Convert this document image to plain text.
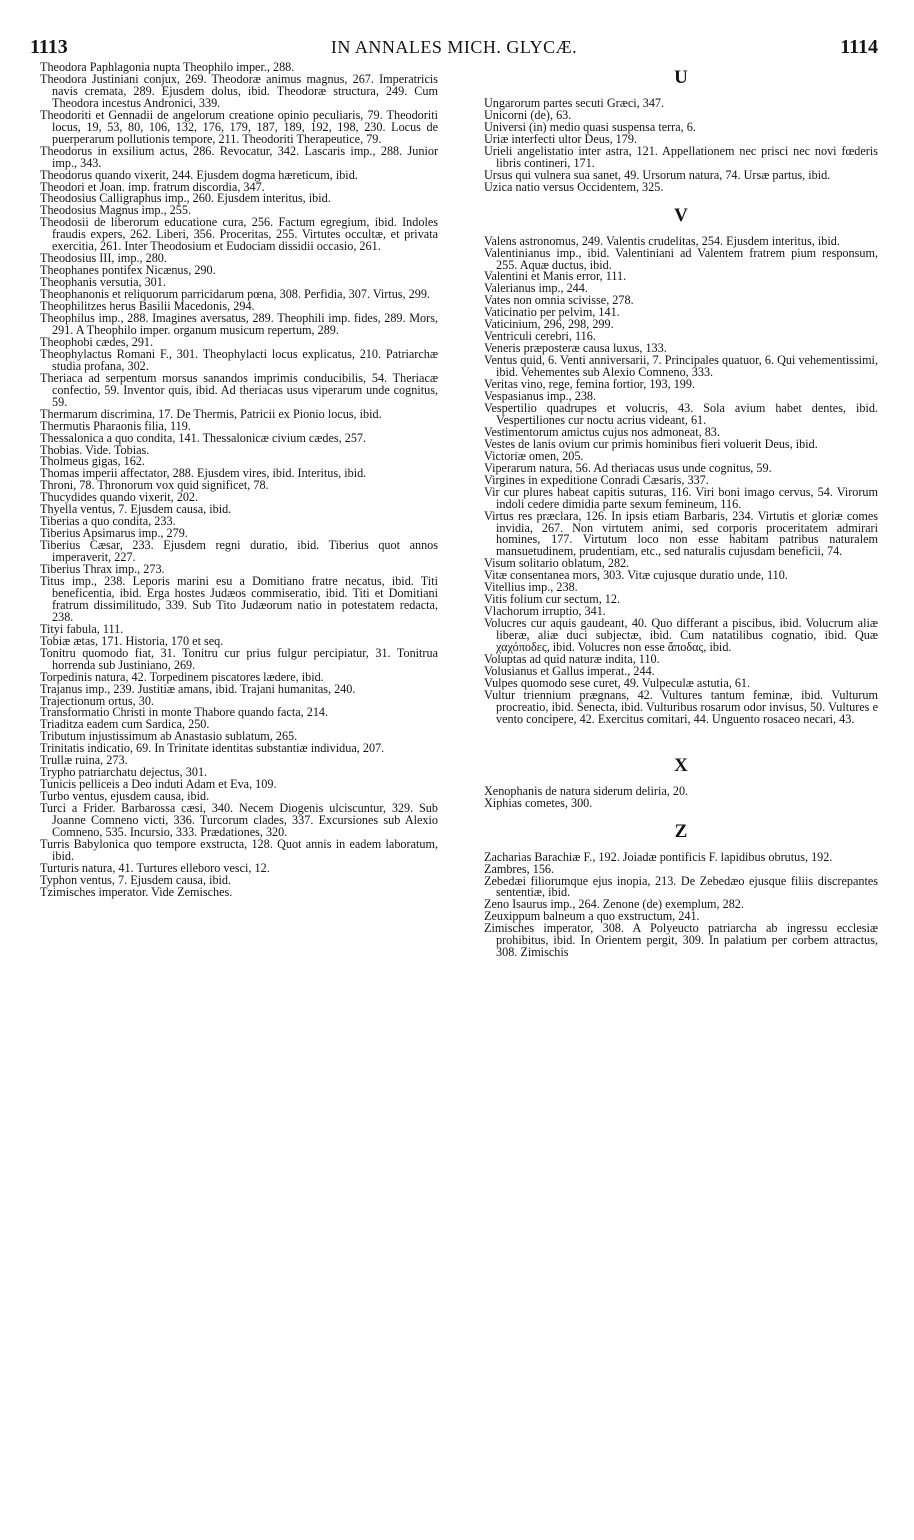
1113	IN ANNALES MICH. GLYCÆ.	1114

Theodora Paphlagonia nupta Theophilo imper., 288.

Theodora Justiniani conjux, 269. Theodoræ animus magnus, 267. Imperatricis navis cremata, 289. Ejusdem dolus, ibid. Theodoræ structura, 249. Cum Theodora incestus Andronici, 339.

Theodoriti et Gennadii de angelorum creatione opinio peculiaris, 79. Theodoriti locus, 19, 53, 80, 106, 132, 176, 179, 187, 189, 192, 198, 230. Locus de puerperarum pollutionis tempore, 211. Theodoriti Therapeutice, 79.

Theodorus in exsilium actus, 286. Revocatur, 342. Lascaris imp., 288. Junior imp., 343.

Theodorus quando vixerit, 244. Ejusdem dogma hæreticum, ibid.

Theodori et Joan. imp. fratrum discordia, 347.

Theodosius Calligraphus imp., 260. Ejusdem interitus, ibid.

Theodosius Magnus imp., 255.

Theodosii de liberorum educatione cura, 256. Factum egregium, ibid. Indoles fraudis expers, 262. Liberi, 356. Proceritas, 255. Virtutes occultæ, et privata exercitia, 261. Inter Theodosium et Eudociam dissidii occasio, 261.

Theodosius III, imp., 280.

Theophanes pontifex Nicænus, 290.

Theophanis versutia, 301.

Theophanonis et reliquorum parricidarum pœna, 308. Perfidia, 307. Virtus, 299.

Theophilitzes herus Basilii Macedonis, 294.

Theophilus imp., 288. Imagines aversatus, 289. Theophili imp. fides, 289. Mors, 291. A Theophilo imper. organum musicum repertum, 289.

Theophobi cædes, 291.

Theophylactus Romani F., 301. Theophylacti locus explicatus, 210. Patriarchæ studia profana, 302.

Theriaca ad serpentum morsus sanandos imprimis conducibilis, 54. Theriacæ confectio, 59. Inventor quis, ibid. Ad theriacas usus viperarum unde cognitus, 59.

Thermarum discrimina, 17. De Thermis, Patricii ex Pionio locus, ibid.

Thermutis Pharaonis filia, 119.

Thessalonica a quo condita, 141. Thessalonicæ civium cædes, 257.

Thobias. Vide. Tobias.

Tholmeus gigas, 162.

Thomas imperii affectator, 288. Ejusdem vires, ibid. Interitus, ibid.

Throni, 78. Thronorum vox quid significet, 78.

Thucydides quando vixerit, 202.

Thyella ventus, 7. Ejusdem causa, ibid.

Tiberias a quo condita, 233.

Tiberius Apsimarus imp., 279.

Tiberius Cæsar, 233. Ejusdem regni duratio, ibid. Tiberius quot annos imperaverit, 227.

Tiberius Thrax imp., 273.

Titus imp., 238. Leporis marini esu a Domitiano fratre necatus, ibid. Titi beneficentia, ibid. Erga hostes Judæos commiseratio, ibid. Titi et Domitiani fratrum dissimilitudo, 339. Sub Tito Judæorum natio in potestatem redacta, 238.

Tityi fabula, 111.

Tobiæ ætas, 171. Historia, 170 et seq.

Tonitru quomodo fiat, 31. Tonitru cur prius fulgur percipiatur, 31. Tonitrua horrenda sub Justiniano, 269.

Torpedinis natura, 42. Torpedinem piscatores lædere, ibid.

Trajanus imp., 239. Justitiæ amans, ibid. Trajani humanitas, 240.

Trajectionum ortus, 30.

Transformatio Christi in monte Thabore quando facta, 214.

Triaditza eadem cum Sardica, 250.

Tributum injustissimum ab Anastasio sublatum, 265.

Trinitatis indicatio, 69. In Trinitate identitas substantiæ individua, 207.

Trullæ ruina, 273.

Trypho patriarchatu dejectus, 301.

Tunicis pelliceis a Deo induti Adam et Eva, 109.

Turbo ventus, ejusdem causa, ibid.

Turci a Frider. Barbarossa cæsi, 340. Necem Diogenis ulciscuntur, 329. Sub Joanne Comneno victi, 336. Turcorum clades, 337. Excursiones sub Alexio Comneno, 535. Incursio, 333. Prædationes, 320.

Turris Babylonica quo tempore exstructa, 128. Quot annis in eadem laboratum, ibid.

Turturis natura, 41. Turtures elleboro vesci, 12.

Typhon ventus, 7. Ejusdem causa, ibid.

Tzimisches imperator. Vide Zemisches.

U

Ungarorum partes secuti Græci, 347.

Unicorni (de), 63.

Universi (in) medio quasi suspensa terra, 6.

Uriæ interfecti ultor Deus, 179.

Urieli angelistatio inter astra, 121. Appellationem nec prisci nec novi fœderis libris contineri, 171.

Ursus qui vulnera sua sanet, 49. Ursorum natura, 74. Ursæ partus, ibid.

Uzica natio versus Occidentem, 325.

V

Valens astronomus, 249. Valentis crudelitas, 254. Ejusdem interitus, ibid.

Valentinianus imp., ibid. Valentiniani ad Valentem fratrem pium responsum, 255. Aquæ ductus, ibid.

Valentini et Manis error, 111.

Valerianus imp., 244.

Vates non omnia scivisse, 278.

Vaticinatio per pelvim, 141.

Vaticinium, 296, 298, 299.

Ventriculi cerebri, 116.

Veneris præposteræ causa luxus, 133.

Ventus quid, 6. Venti anniversarii, 7. Principales quatuor, 6. Qui vehementissimi, ibid. Vehementes sub Alexio Comneno, 333.

Veritas vino, rege, femina fortior, 193, 199.

Vespasianus imp., 238.

Vespertilio quadrupes et volucris, 43. Sola avium habet dentes, ibid. Vespertiliones cur noctu acrius videant, 61.

Vestimentorum amictus cujus nos admoneat, 83.

Vestes de lanis ovium cur primis hominibus fieri voluerit Deus, ibid.

Victoriæ omen, 205.

Viperarum natura, 56. Ad theriacas usus unde cognitus, 59.

Virgines in expeditione Conradi Cæsaris, 337.

Vir cur plures habeat capitis suturas, 116. Viri boni imago cervus, 54. Virorum indoli cedere dimidia parte sexum femineum, 116.

Virtus res præclara, 126. In ipsis etiam Barbaris, 234. Virtutis et gloriæ comes invidia, 267. Non virtutem animi, sed corporis proceritatem admirari homines, 177. Virtutum loco non esse habitam patribus naturalem mansuetudinem, prudentiam, etc., sed naturalis cujusdam beneficii, 74.

Visum solitario oblatum, 282.

Vitæ consentanea mors, 303. Vitæ cujusque duratio unde, 110.

Vitellius imp., 238.

Vitis folium cur sectum, 12.

Vlachorum irruptio, 341.

Volucres cur aquis gaudeant, 40. Quo differant a piscibus, ibid. Volucrum aliæ liberæ, aliæ duci subjectæ, ibid. Cum natatilibus cognatio, ibid. Quæ χαχόποδες, ibid. Volucres non esse ἄποδας, ibid.

Voluptas ad quid naturæ indita, 110.

Volusianus et Gallus imperat., 244.

Vulpes quomodo sese curet, 49. Vulpeculæ astutia, 61.

Vultur triennium prægnans, 42. Vultures tantum feminæ, ibid. Vulturum procreatio, ibid. Senecta, ibid. Vulturibus rosarum odor invisus, 50. Vultures e vento concipere, 42. Exercitus comitari, 44. Unguento rosaceo necari, 43.

X

Xenophanis de natura siderum deliria, 20.

Xiphias cometes, 300.

Z

Zacharias Barachiæ F., 192. Joiadæ pontificis F. lapidibus obrutus, 192.

Zambres, 156.

Zebedæi filiorumque ejus inopia, 213. De Zebedæo ejusque filiis discrepantes sententiæ, ibid.

Zeno Isaurus imp., 264. Zenone (de) exemplum, 282.

Zeuxippum balneum a quo exstructum, 241.

Zimisches imperator, 308. A Polyeucto patriarcha ab ingressu ecclesiæ prohibitus, ibid. In Orientem pergit, 309. In palatium per corbem attractus, 308. Zimischis
